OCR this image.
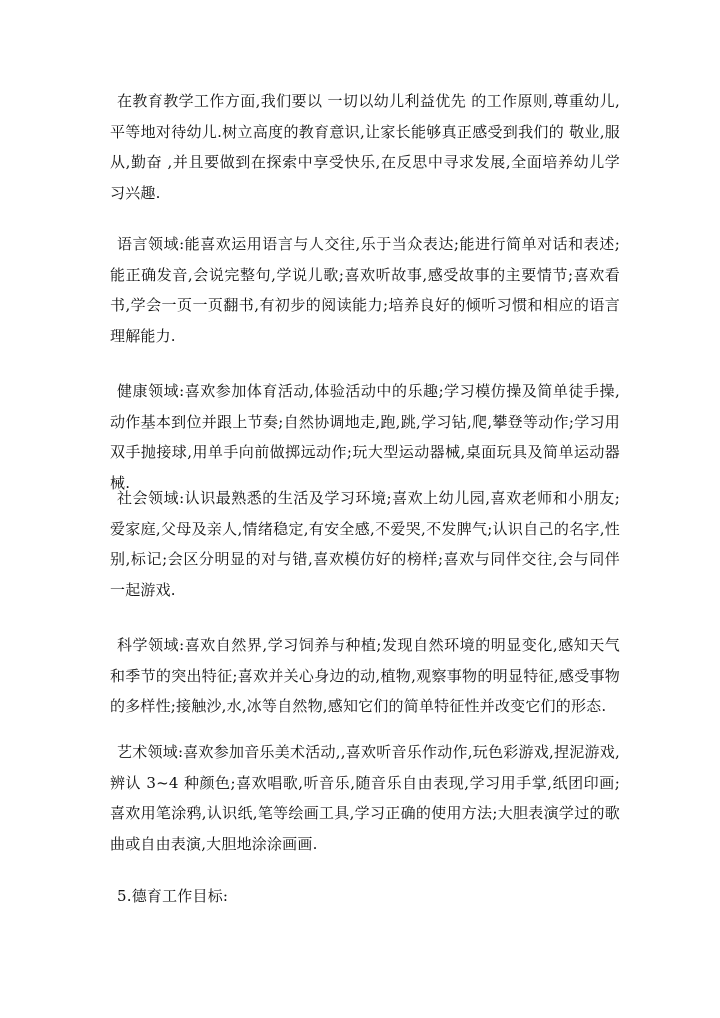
在教育教学工作方面,我们要以 一切以幼儿利益优先 的工作原则,尊重幼儿,平等地对待幼儿.树立高度的教育意识,让家长能够真正感受到我们的 敬业,服从,勤奋 ,并且要做到在探索中享受快乐,在反思中寻求发展,全面培养幼儿学习兴趣.

语言领域:能喜欢运用语言与人交往,乐于当众表达;能进行简单对话和表述;能正确发音,会说完整句,学说儿歌;喜欢听故事,感受故事的主要情节;喜欢看书,学会一页一页翻书,有初步的阅读能力;培养良好的倾听习惯和相应的语言理解能力.

健康领域:喜欢参加体育活动,体验活动中的乐趣;学习模仿操及简单徒手操,动作基本到位并跟上节奏;自然协调地走,跑,跳,学习钻,爬,攀登等动作;学习用双手抛接球,用单手向前做掷远动作;玩大型运动器械,桌面玩具及简单运动器械.

社会领域:认识最熟悉的生活及学习环境;喜欢上幼儿园,喜欢老师和小朋友;爱家庭,父母及亲人,情绪稳定,有安全感,不爱哭,不发脾气;认识自己的名字,性别,标记;会区分明显的对与错,喜欢模仿好的榜样;喜欢与同伴交往,会与同伴一起游戏.

科学领域:喜欢自然界,学习饲养与种植;发现自然环境的明显变化,感知天气和季节的突出特征;喜欢并关心身边的动,植物,观察事物的明显特征,感受事物的多样性;接触沙,水,冰等自然物,感知它们的简单特征性并改变它们的形态.

艺术领域:喜欢参加音乐美术活动,,喜欢听音乐作动作,玩色彩游戏,捏泥游戏,辨认 3~4 种颜色;喜欢唱歌,听音乐,随音乐自由表现,学习用手掌,纸团印画;喜欢用笔涂鸦,认识纸,笔等绘画工具,学习正确的使用方法;大胆表演学过的歌曲或自由表演,大胆地涂涂画画.

5.德育工作目标:
